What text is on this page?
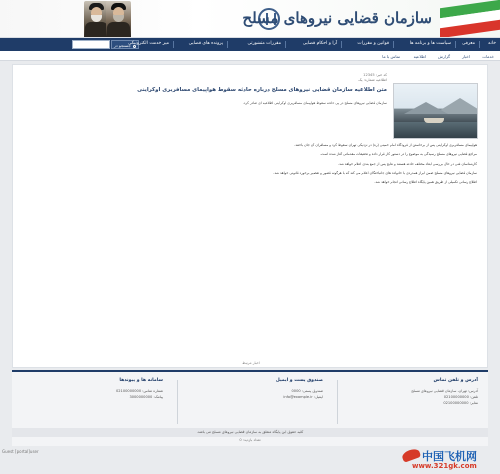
سازمان قضایی نیروهای مسلح
جستجو در	خانه
معرفی
سیاست ها و برنامه ها
قوانین و مقررات
آرا و احکام قضایی
مقررات متشورتی
پرونده های قضایی
میز خدمت الکترونیکی
خدمات
اخبار
گزارش
اطلاعیه
تماس با ما
کد خبر: 12345
اطلاعیه شماره: یک
متن اطلاعیه سازمان قضایی نیروهای مسلح درباره حادثه سقوط هواپیمای مسافربری اوکراینی
سازمان قضایی نیروهای مسلح در پی حادثه سقوط هواپیمای مسافربری اوکراینی اطلاعیه ای صادر کرد.

هواپیمای مسافربری اوکراینی پس از برخاستن از فرودگاه امام خمینی (ره) در نزدیکی تهران سقوط کرد و مسافران آن جان باختند.

مراجع قضایی نیروهای مسلح رسیدگی به موضوع را در دستور کار قرار داده و تحقیقات مقدماتی آغاز شده است.

کارشناسان فنی در حال بررسی ابعاد مختلف حادثه هستند و نتایج پس از جمع بندی اعلام خواهد شد.

سازمان قضایی نیروهای مسلح ضمن ابراز همدردی با خانواده های جانباختگان اعلام می کند که با هرگونه قصور و تقصیر برخورد قانونی خواهد شد.

اطلاع رسانی تکمیلی از طریق همین پایگاه اطلاع رسانی انجام خواهد شد.

اخبار مرتبط
آدرس و تلفن تماس
آدرس: تهران، سازمان قضایی نیروهای مسلح
تلفن: 02100000000
نمابر: 02100000000
صندوق پست و ایمیل
صندوق پستی: 0000
ایمیل: info@example.ir
سامانه ها و پیوندها
شماره تماس: 02100000000
پیامک: 3000000000
کلیه حقوق این پایگاه متعلق به سازمان قضایی نیروهای مسلح می باشد.
تعداد بازدید: 0
Guest [portal]user	中国飞机网
www.321gk.com
